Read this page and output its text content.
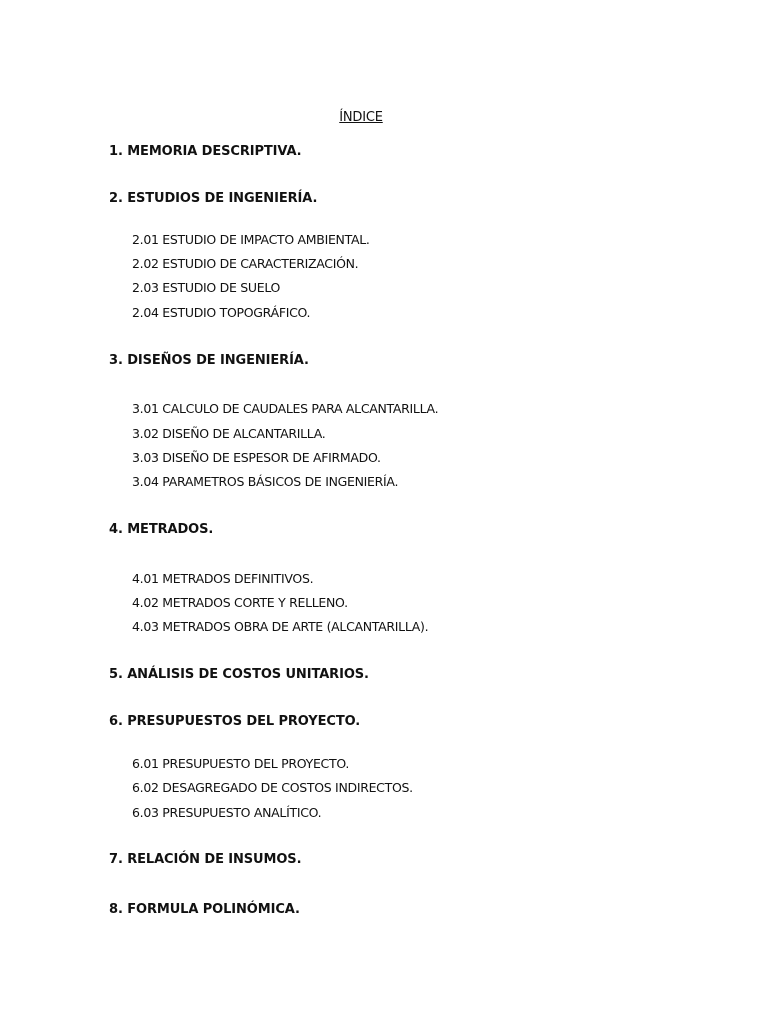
ÍNDICE
1. MEMORIA DESCRIPTIVA.
2. ESTUDIOS DE INGENIERÍA.
2.01 ESTUDIO DE IMPACTO AMBIENTAL.
2.02 ESTUDIO DE CARACTERIZACIÓN.
2.03 ESTUDIO DE SUELO
2.04 ESTUDIO TOPOGRÁFICO.
3. DISEÑOS DE INGENIERÍA.
3.01 CALCULO DE CAUDALES PARA ALCANTARILLA.
3.02 DISEÑO DE ALCANTARILLA.
3.03 DISEÑO DE ESPESOR DE AFIRMADO.
3.04 PARAMETROS BÁSICOS DE INGENIERÍA.
4. METRADOS.
4.01 METRADOS DEFINITIVOS.
4.02 METRADOS CORTE Y RELLENO.
4.03 METRADOS OBRA DE ARTE (ALCANTARILLA).
5. ANÁLISIS DE COSTOS UNITARIOS.
6. PRESUPUESTOS DEL PROYECTO.
6.01 PRESUPUESTO DEL PROYECTO.
6.02 DESAGREGADO DE COSTOS INDIRECTOS.
6.03 PRESUPUESTO ANALÍTICO.
7. RELACIÓN DE INSUMOS.
8. FORMULA POLINÓMICA.
